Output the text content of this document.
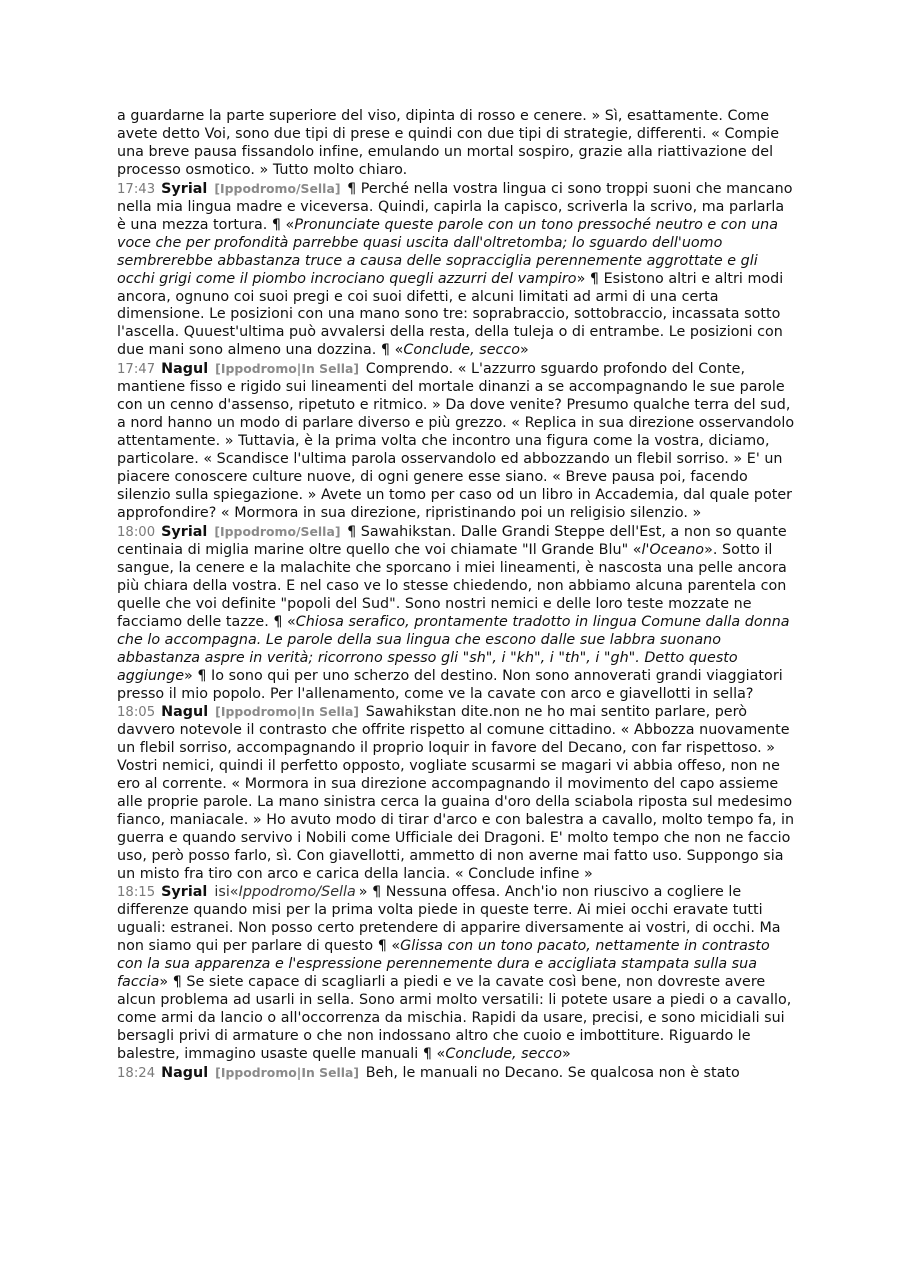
a guardarne la parte superiore del viso, dipinta di rosso e cenere. » Sì, esattamente. Come avete detto Voi, sono due tipi di prese e quindi con due tipi di strategie, differenti. « Compie una breve pausa fissandolo infine, emulando un mortal sospiro, grazie alla riattivazione del processo osmotico. » Tutto molto chiaro.

17:43 Syrial [Ippodromo/Sella] ¶ Perché nella vostra lingua ci sono troppi suoni che mancano nella mia lingua madre e viceversa. Quindi, capirla la capisco, scriverla la scrivo, ma parlarla è una mezza tortura. ¶ «Pronunciate queste parole con un tono pressoché neutro e con una voce che per profondità parrebbe quasi uscita dall'oltretomba; lo sguardo dell'uomo sembrerebbe abbastanza truce a causa delle sopracciglia perennemente aggrottate e gli occhi grigi come il piombo incrociano quegli azzurri del vampiro» ¶ Esistono altri e altri modi ancora, ognuno coi suoi pregi e coi suoi difetti, e alcuni limitati ad armi di una certa dimensione. Le posizioni con una mano sono tre: soprabraccio, sottobraccio, incassata sotto l'ascella. Quuest'ultima può avvalersi della resta, della tuleja o di entrambe. Le posizioni con due mani sono almeno una dozzina. ¶ «Conclude, secco»

17:47 Nagul [Ippodromo|In Sella] Comprendo. « L'azzurro sguardo profondo del Conte, mantiene fisso e rigido sui lineamenti del mortale dinanzi a se accompagnando le sue parole con un cenno d'assenso, ripetuto e ritmico. » Da dove venite? Presumo qualche terra del sud, a nord hanno un modo di parlare diverso e più grezzo. « Replica in sua direzione osservandolo attentamente. » Tuttavia, è la prima volta che incontro una figura come la vostra, diciamo, particolare. « Scandisce l'ultima parola osservandolo ed abbozzando un flebil sorriso. » E' un piacere conoscere culture nuove, di ogni genere esse siano. « Breve pausa poi, facendo silenzio sulla spiegazione. » Avete un tomo per caso od un libro in Accademia, dal quale poter approfondire? « Mormora in sua direzione, ripristinando poi un religisio silenzio. »

18:00 Syrial [Ippodromo/Sella] ¶ Sawahikstan. Dalle Grandi Steppe dell'Est, a non so quante centinaia di miglia marine oltre quello che voi chiamate "Il Grande Blu" «l'Oceano». Sotto il sangue, la cenere e la malachite che sporcano i miei lineamenti, è nascosta una pelle ancora più chiara della vostra. E nel caso ve lo stesse chiedendo, non abbiamo alcuna parentela con quelle che voi definite "popoli del Sud". Sono nostri nemici e delle loro teste mozzate ne facciamo delle tazze. ¶ «Chiosa serafico, prontamente tradotto in lingua Comune dalla donna che lo accompagna. Le parole della sua lingua che escono dalle sue labbra suonano abbastanza aspre in verità; ricorrono spesso gli "sh", i "kh", i "th", i "gh". Detto questo aggiunge» ¶ Io sono qui per uno scherzo del destino. Non sono annoverati grandi viaggiatori presso il mio popolo. Per l'allenamento, come ve la cavate con arco e giavellotti in sella?

18:05 Nagul [Ippodromo|In Sella] Sawahikstan dite.non ne ho mai sentito parlare, però davvero notevole il contrasto che offrite rispetto al comune cittadino. « Abbozza nuovamente un flebil sorriso, accompagnando il proprio loquir in favore del Decano, con far rispettoso. » Vostri nemici, quindi il perfetto opposto, vogliate scusarmi se magari vi abbia offeso, non ne ero al corrente. « Mormora in sua direzione accompagnando il movimento del capo assieme alle proprie parole. La mano sinistra cerca la guaina d'oro della sciabola riposta sul medesimo fianco, maniacale. » Ho avuto modo di tirar d'arco e con balestra a cavallo, molto tempo fa, in guerra e quando servivo i Nobili come Ufficiale dei Dragoni. E' molto tempo che non ne faccio uso, però posso farlo, sì. Con giavellotti, ammetto di non averne mai fatto uso. Suppongo sia un misto fra tiro con arco e carica della lancia. « Conclude infine »

18:15 Syrial isi«Ippodromo/Sella » ¶ Nessuna offesa. Anch'io non riuscivo a cogliere le differenze quando misi per la prima volta piede in queste terre. Ai miei occhi eravate tutti uguali: estranei. Non posso certo pretendere di apparire diversamente ai vostri, di occhi. Ma non siamo qui per parlare di questo ¶ «Glissa con un tono pacato, nettamente in contrasto con la sua apparenza e l'espressione perennemente dura e accigliata stampata sulla sua faccia» ¶ Se siete capace di scagliarli a piedi e ve la cavate così bene, non dovreste avere alcun problema ad usarli in sella. Sono armi molto versatili: li potete usare a piedi o a cavallo, come armi da lancio o all'occorrenza da mischia. Rapidi da usare, precisi, e sono micidiali sui bersagli privi di armature o che non indossano altro che cuoio e imbottiture. Riguardo le balestre, immagino usaste quelle manuali ¶ «Conclude, secco»

18:24 Nagul [Ippodromo|In Sella] Beh, le manuali no Decano. Se qualcosa non è stato
